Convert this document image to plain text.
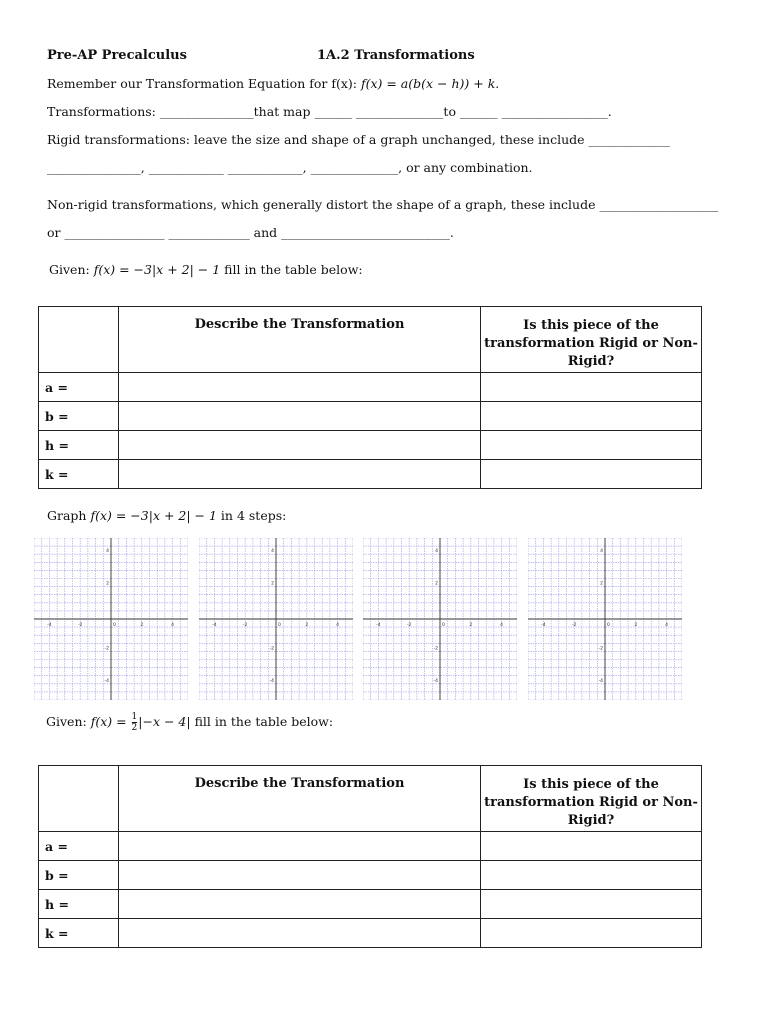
Pre-AP Precalculus	1A.2 Transformations
Remember our Transformation Equation for f(x): f(x) = a(b(x − h)) + k.
Transformations: _______________that map ______ ______________to ______ _________________.
Rigid transformations: leave the size and shape of a graph unchanged, these include _____________
_______________, ____________ ____________, ______________, or any combination.
Non-rigid transformations, which generally distort the shape of a graph, these include ___________________
or ________________ _____________ and ___________________________.
Given: f(x) = −3|x + 2| − 1 fill in the table below:
	Describe the Transformation	Is this piece of the transformation Rigid or Non-Rigid?
a =		
b =		
h =		
k =		
Graph f(x) = −3|x + 2| − 1 in 4 steps:
-4	-2	0	2	4
4
2
-2
-4
-4	-2	0	2	4
4
2
-2
-4
-4	-2	0	2	4
4
2
-2
-4
-4	-2	0	2	4
4
2
-2
-4
Given: $f(x) = \frac{1}{2} |-x - 4|$ fill in the table below:
	Describe the Transformation	Is this piece of the transformation Rigid or Non-Rigid?
a =		
b =		
h =		
k =		
